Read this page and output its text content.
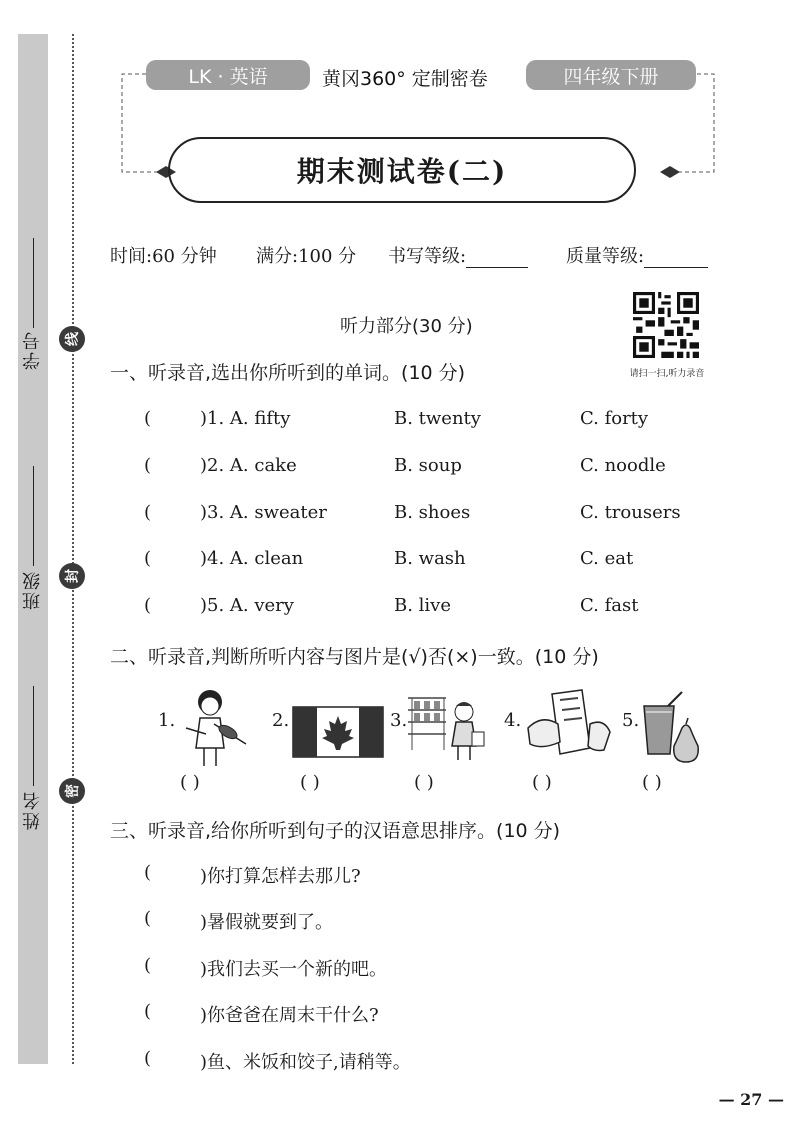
学号
班级
姓名
线
封
密
LK · 英语	黄冈360° 定制密卷	四年级下册
期末测试卷(二)
时间:60 分钟 满分:100 分 书写等级:	质量等级:
听力部分(30 分)
请扫一扫,听力录音
一、听录音,选出你所听到的单词。(10 分)
(	)1. A. fifty	B. twenty	C. forty
(	)2. A. cake	B. soup	C. noodle
(	)3. A. sweater	B. shoes	C. trousers
(	)4. A. clean	B. wash	C. eat
(	)5. A. very	B. live	C. fast
二、听录音,判断所听内容与图片是(√)否(×)一致。(10 分)
1.	2.	3.	4.	5.
( )	( )	( )	( )	( )
三、听录音,给你所听到句子的汉语意思排序。(10 分)
(	)你打算怎样去那儿?
(	)暑假就要到了。
(	)我们去买一个新的吧。
(	)你爸爸在周末干什么?
(	)鱼、米饭和饺子,请稍等。
— 27 —
